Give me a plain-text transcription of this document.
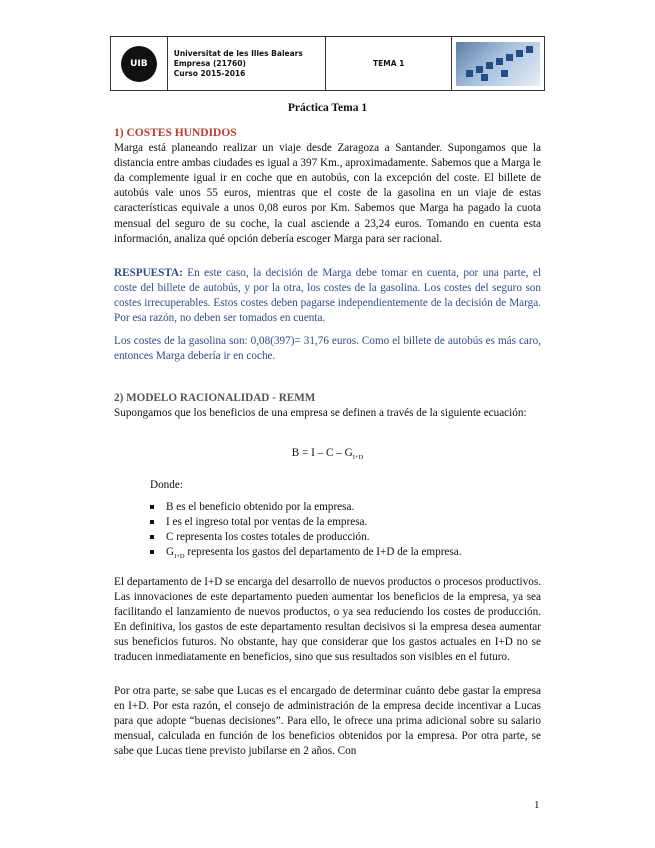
UIB
Universitat de les Illes Balears
Empresa (21760)
Curso 2015-2016
TEMA 1
Práctica Tema 1
1) COSTES HUNDIDOS
Marga está planeando realizar un viaje desde Zaragoza a Santander. Supongamos que la distancia entre ambas ciudades es igual a 397 Km., aproximadamente. Sabemos que a Marga le da complemente igual ir en coche que en autobús, con la excepción del coste. El billete de autobús vale unos 55 euros, mientras que el coste de la gasolina en un viaje de estas características equivale a unos 0,08 euros por Km. Sabemos que Marga ha pagado la cuota mensual del seguro de su coche, la cual asciende a 23,24 euros. Tomando en cuenta esta información, analiza qué opción debería escoger Marga para ser racional.
RESPUESTA: En este caso, la decisión de Marga debe tomar en cuenta, por una parte, el coste del billete de autobús, y por la otra, los costes de la gasolina. Los costes del seguro son costes irrecuperables. Estos costes deben pagarse independientemente de la decisión de Marga. Por esa razón, no deben ser tomados en cuenta.
Los costes de la gasolina son: 0,08(397)= 31,76 euros. Como el billete de autobús es más caro, entonces Marga debería ir en coche.
2) MODELO RACIONALIDAD - REMM
Supongamos que los beneficios de una empresa se definen a través de la siguiente ecuación:
$B = I - C - G_{I+D}$
Donde:
B es el beneficio obtenido por la empresa.
I es el ingreso total por ventas de la empresa.
C representa los costes totales de producción.
$G_{I+D}$ representa los gastos del departamento de I+D de la empresa.
El departamento de I+D se encarga del desarrollo de nuevos productos o procesos productivos. Las innovaciones de este departamento pueden aumentar los beneficios de la empresa, ya sea facilitando el lanzamiento de nuevos productos, o ya sea reduciendo los costes de producción. En definitiva, los gastos de este departamento resultan decisivos si la empresa desea aumentar sus beneficios futuros. No obstante, hay que considerar que los gastos actuales en I+D no se traducen inmediatamente en beneficios, sino que sus resultados son visibles en el futuro.
Por otra parte, se sabe que Lucas es el encargado de determinar cuánto debe gastar la empresa en I+D. Por esta razón, el consejo de administración de la empresa decide incentivar a Lucas para que adopte “buenas decisiones”. Para ello, le ofrece una prima adicional sobre su salario mensual, calculada en función de los beneficios obtenidos por la empresa. Por otra parte, se sabe que Lucas tiene previsto jubilarse en 2 años. Con
1
